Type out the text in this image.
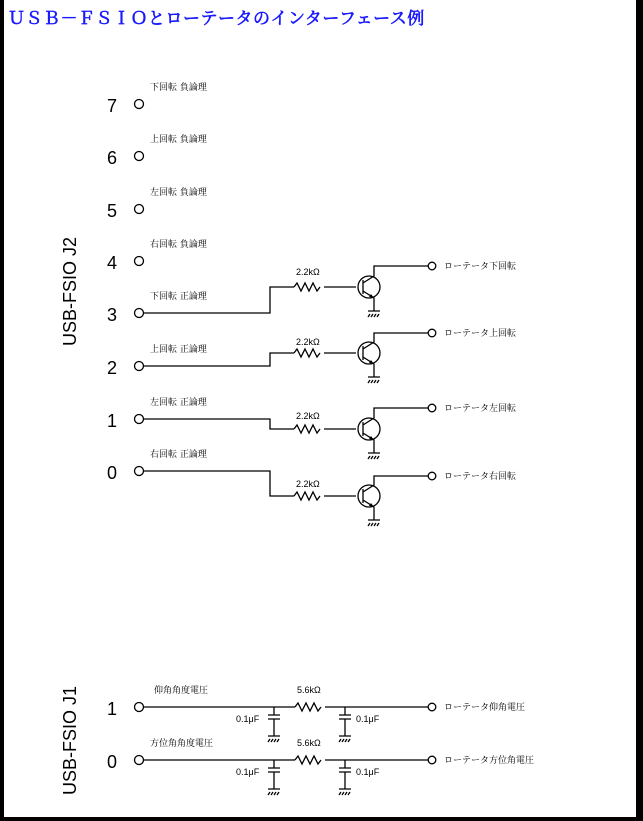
ＵＳＢ－ＦＳＩＯとローテータのインターフェース例
USB-FSIO J2
USB-FSIO J1
7
下回転 負論理
6
上回転 負論理
5
左回転 負論理
4
右回転 負論理
3
下回転 正論理
2
上回転 正論理
1
左回転 正論理
0
右回転 正論理
2.2kΩ	ローテータ下回転
2.2kΩ
ローテータ上回転
2.2kΩ
ローテータ左回転
2.2kΩ
ローテータ右回転
1
仰角角度電圧	5.6kΩ
0.1μF	0.1μF
ローテータ仰角電圧
0
方位角角度電圧	5.6kΩ
0.1μF	0.1μF
ローテータ方位角電圧
